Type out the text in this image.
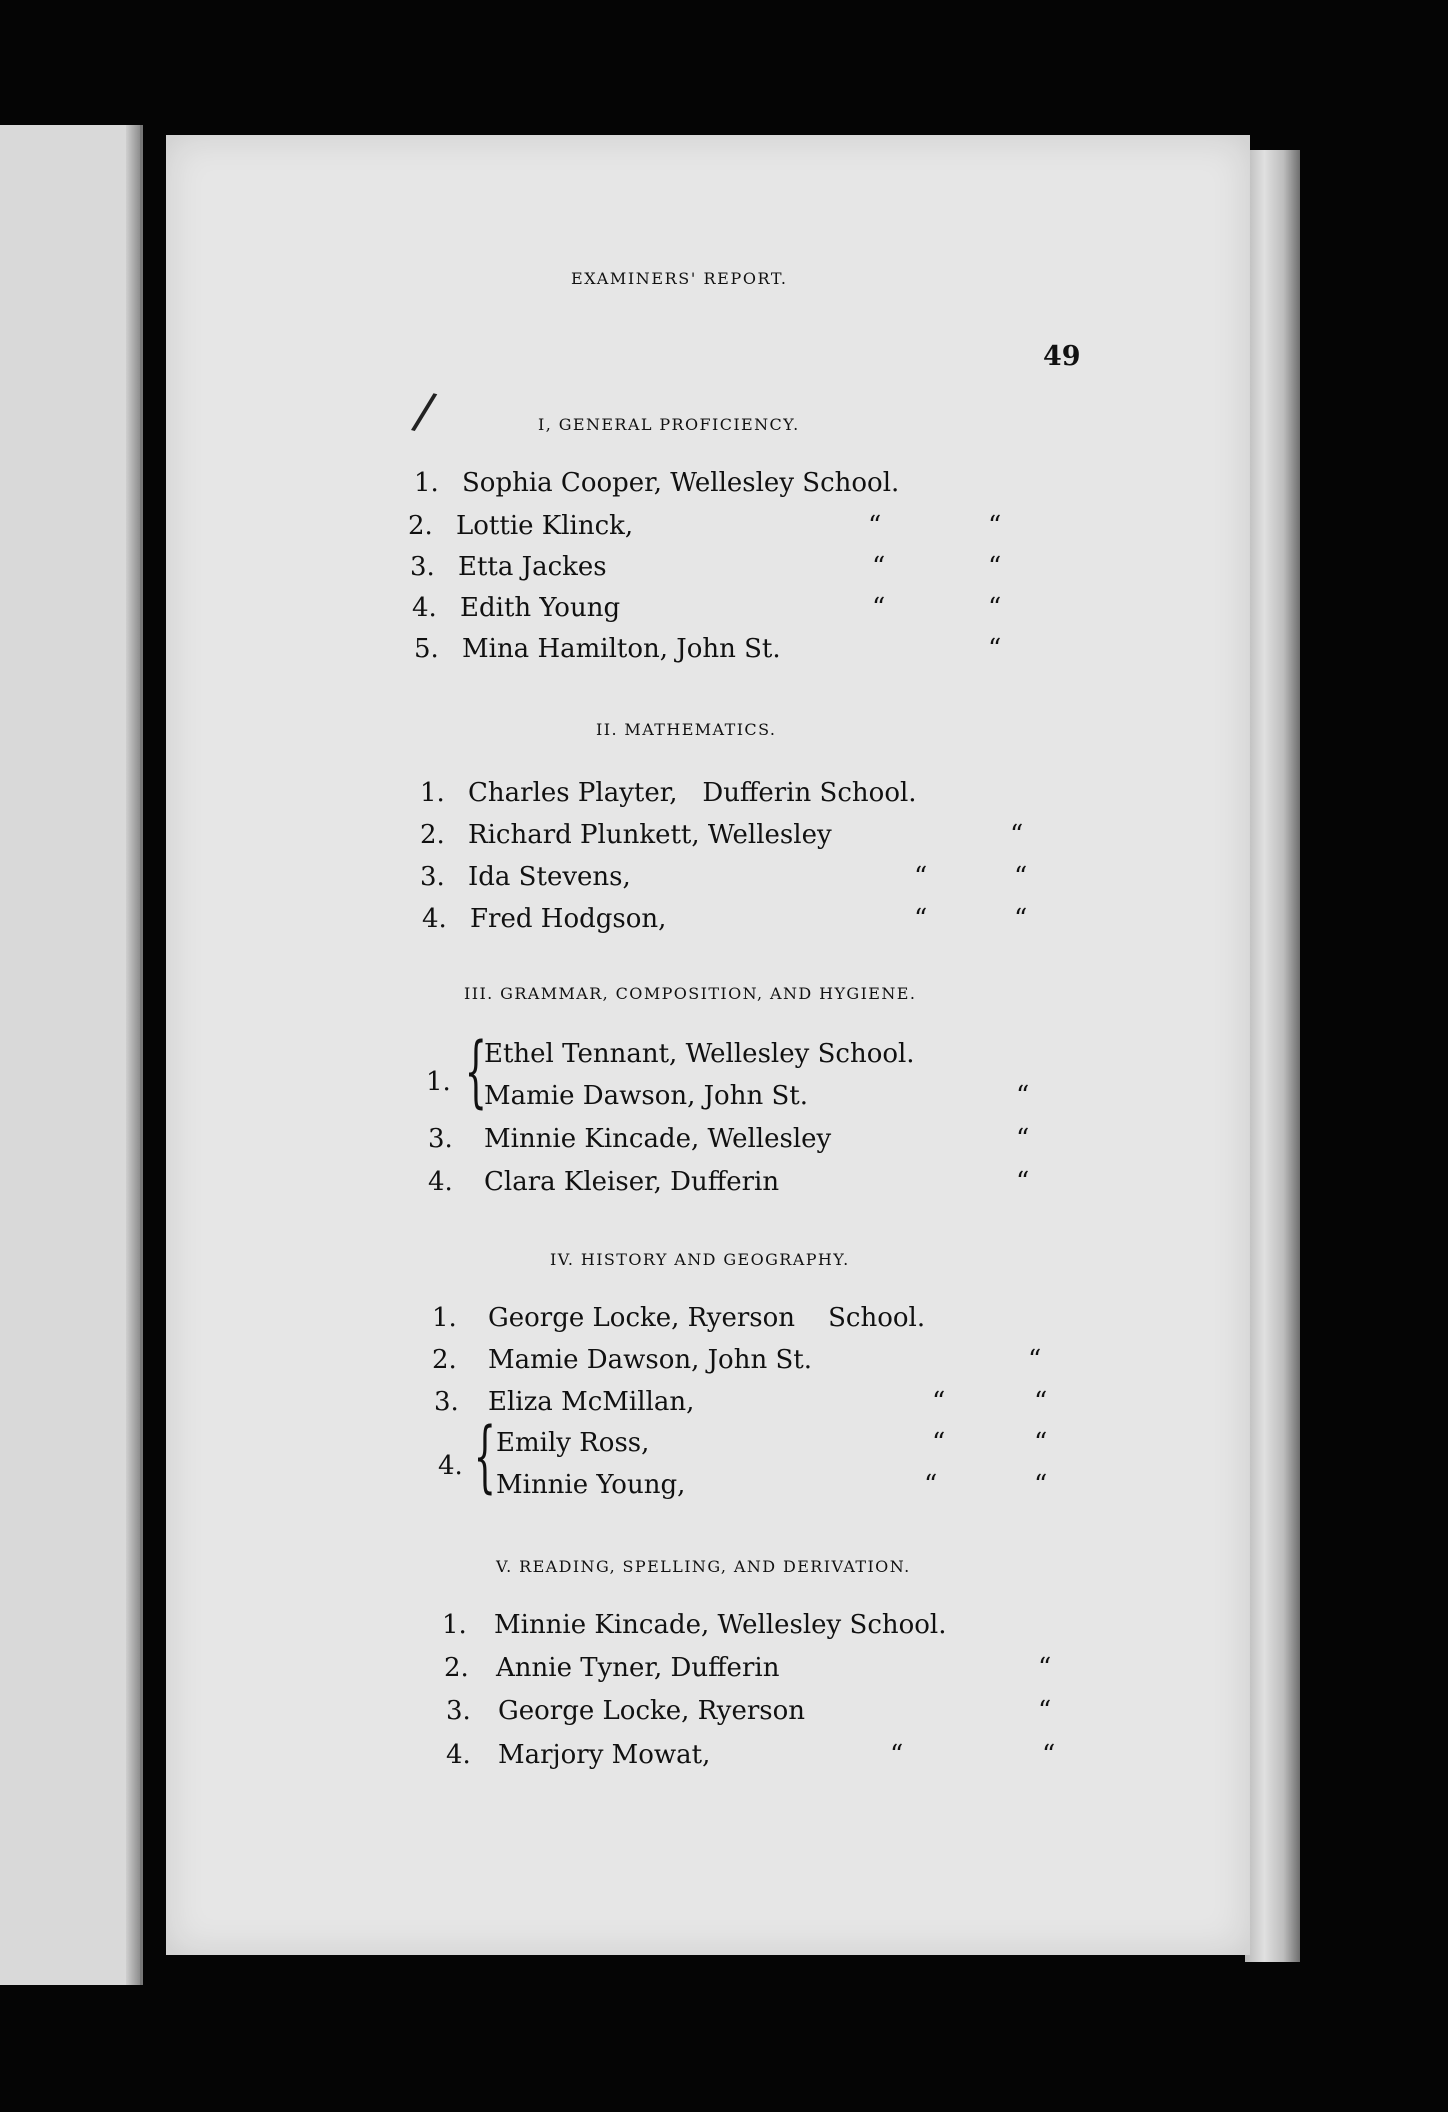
EXAMINERS' REPORT.
49
/	I, GENERAL PROFICIENCY.
1. Sophia Cooper, Wellesley School.
2. Lottie Klinck,	“	“
3. Etta Jackes	“	“
4. Edith Young	“	“
5. Mina Hamilton, John St.	“
II. MATHEMATICS.
1. Charles Playter,   Dufferin School.
2. Richard Plunkett, Wellesley	“
3. Ida Stevens,	“	“
4. Fred Hodgson,	“	“
III. GRAMMAR, COMPOSITION, AND HYGIENE.
1. {
Ethel Tennant, Wellesley School.
Mamie Dawson, John St.	“
3. Minnie Kincade, Wellesley	“
4. Clara Kleiser, Dufferin	“
IV. HISTORY AND GEOGRAPHY.
1. George Locke, Ryerson    School.
2. Mamie Dawson, John St.	“
3. Eliza McMillan,	“	“
4. { Emily Ross,	“	“
Minnie Young,	“	“
V. READING, SPELLING, AND DERIVATION.
1. Minnie Kincade, Wellesley School.
2. Annie Tyner, Dufferin	“
3. George Locke, Ryerson	“
4. Marjory Mowat,	“	“
